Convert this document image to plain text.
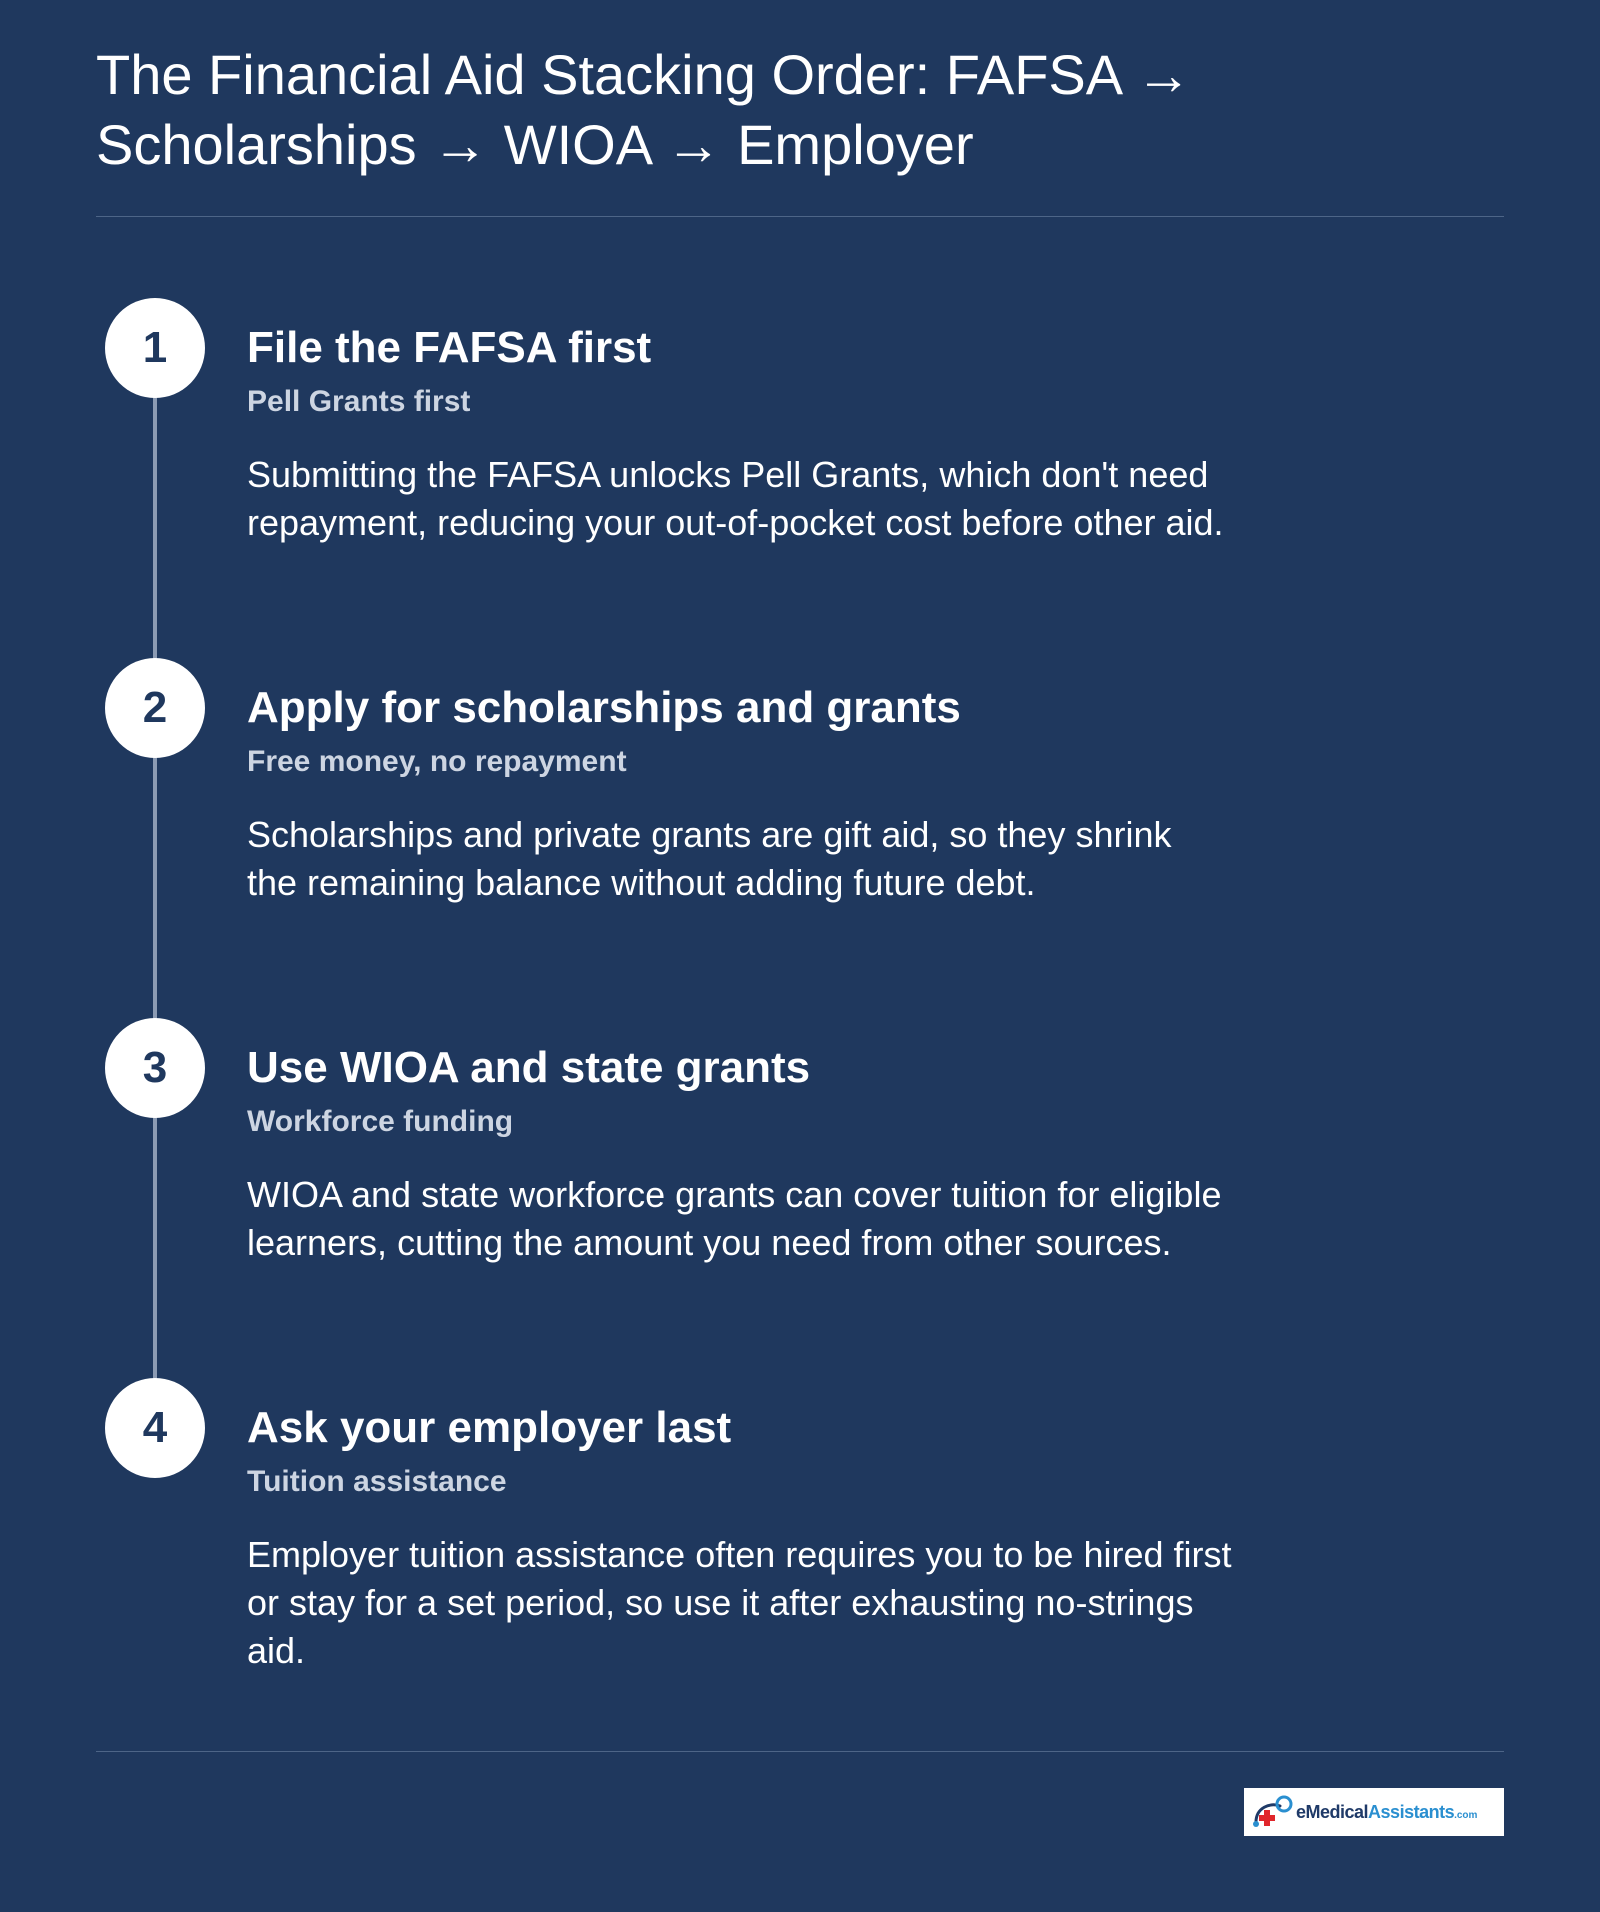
The Financial Aid Stacking Order: FAFSA → Scholarships → WIOA → Employer
1	File the FAFSA first
Pell Grants first

Submitting the FAFSA unlocks Pell Grants, which don't need repayment, reducing your out-of-pocket cost before other aid.

2	Apply for scholarships and grants
Free money, no repayment

Scholarships and private grants are gift aid, so they shrink the remaining balance without adding future debt.

3	Use WIOA and state grants
Workforce funding

WIOA and state workforce grants can cover tuition for eligible learners, cutting the amount you need from other sources.

4	Ask your employer last
Tuition assistance

Employer tuition assistance often requires you to be hired first or stay for a set period, so use it after exhausting no-strings aid.

eMedicalAssistants.com
